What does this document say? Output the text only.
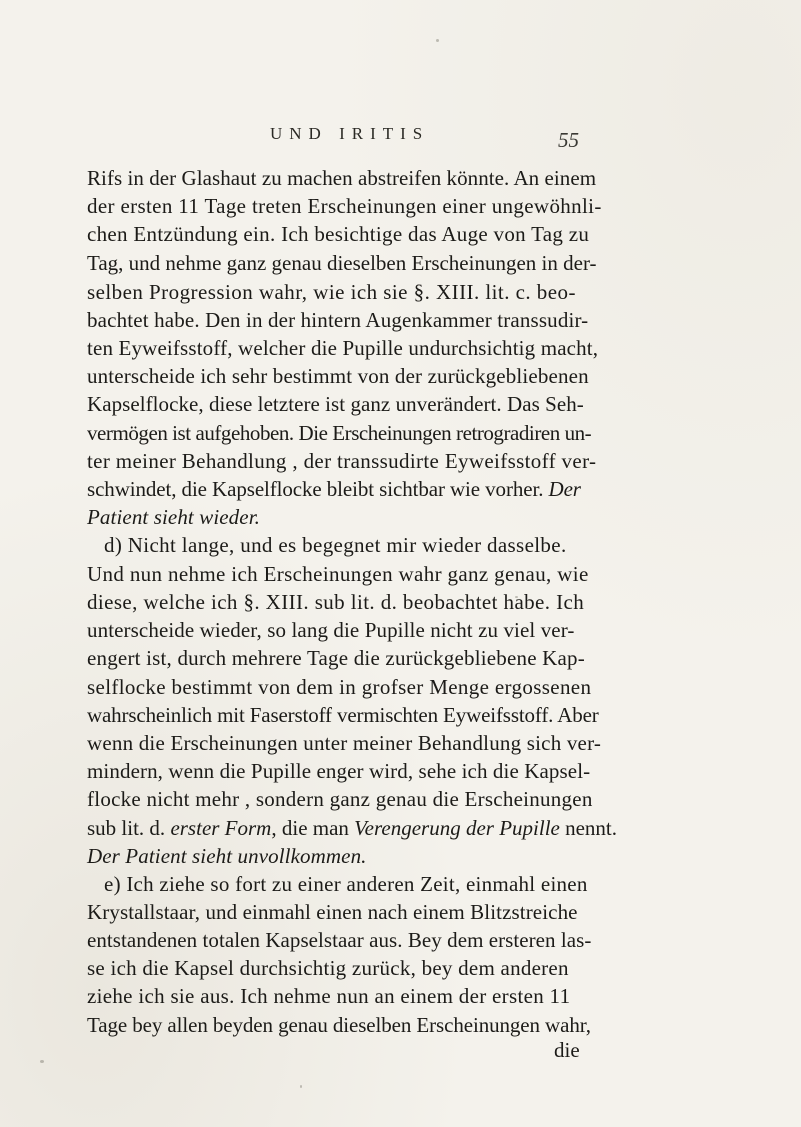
UND IRITIS	55
Rifs in der Glashaut zu machen abstreifen könnte. An einem
der ersten 11 Tage treten Erscheinungen einer ungewöhnli-
chen Entzündung ein. Ich besichtige das Auge von Tag zu
Tag, und nehme ganz genau dieselben Erscheinungen in der-
selben Progression wahr, wie ich sie §. XIII. lit. c. beo-
bachtet habe. Den in der hintern Augenkammer transsudir-
ten Eyweifsstoff, welcher die Pupille undurchsichtig macht,
unterscheide ich sehr bestimmt von der zurückgebliebenen
Kapselflocke, diese letztere ist ganz unverändert. Das Seh-
vermögen ist aufgehoben. Die Erscheinungen retrogradiren un-
ter meiner Behandlung , der transsudirte Eyweifsstoff ver-
schwindet, die Kapselflocke bleibt sichtbar wie vorher. Der
Patient sieht wieder.
d) Nicht lange, und es begegnet mir wieder dasselbe.
Und nun nehme ich Erscheinungen wahr ganz genau, wie
diese, welche ich §. XIII. sub lit. d. beobachtet habe. Ich
unterscheide wieder, so lang die Pupille nicht zu viel ver-
engert ist, durch mehrere Tage die zurückgebliebene Kap-
selflocke bestimmt von dem in grofser Menge ergossenen
wahrscheinlich mit Faserstoff vermischten Eyweifsstoff. Aber
wenn die Erscheinungen unter meiner Behandlung sich ver-
mindern, wenn die Pupille enger wird, sehe ich die Kapsel-
flocke nicht mehr , sondern ganz genau die Erscheinungen
sub lit. d. erster Form, die man Verengerung der Pupille nennt.
Der Patient sieht unvollkommen.
e) Ich ziehe so fort zu einer anderen Zeit, einmahl einen
Krystallstaar, und einmahl einen nach einem Blitzstreiche
entstandenen totalen Kapselstaar aus. Bey dem ersteren las-
se ich die Kapsel durchsichtig zurück, bey dem anderen
ziehe ich sie aus. Ich nehme nun an einem der ersten 11
Tage bey allen beyden genau dieselben Erscheinungen wahr,
die
